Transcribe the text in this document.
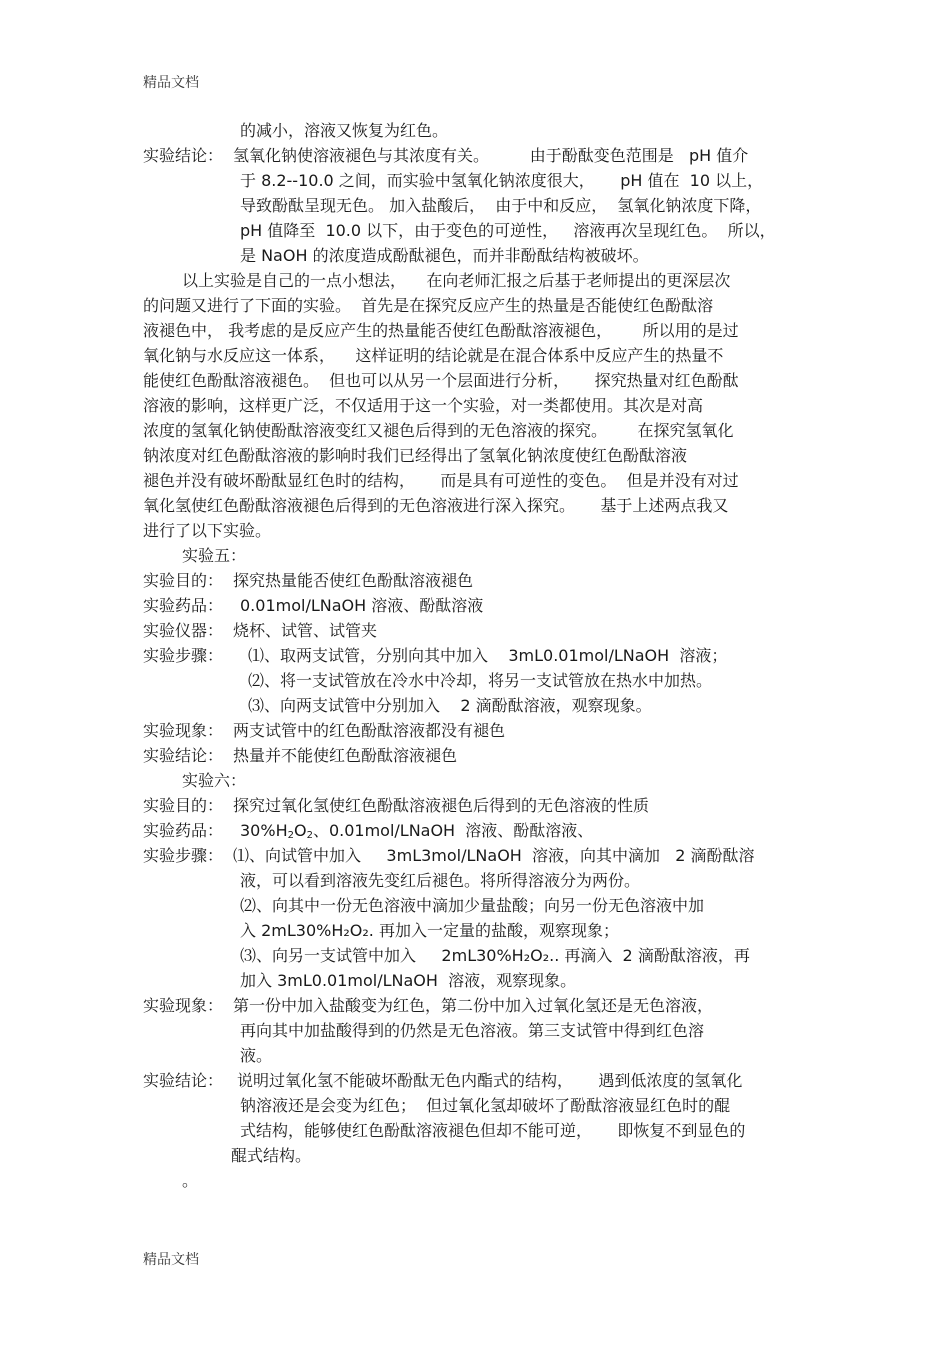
精品文档
的减小，溶液又恢复为红色。
实验结论： 氢氧化钠使溶液褪色与其浓度有关。        由于酚酞变色范围是   pH 值介
于 8.2--10.0 之间，而实验中氢氧化钠浓度很大，     pH 值在  10 以上，
导致酚酞呈现无色。 加入盐酸后，  由于中和反应，  氢氧化钠浓度下降，
pH 值降至  10.0 以下，由于变色的可逆性，   溶液再次呈现红色。  所以，
是 NaOH 的浓度造成酚酞褪色，而并非酚酞结构被破坏。
以上实验是自己的一点小想法，    在向老师汇报之后基于老师提出的更深层次
的问题又进行了下面的实验。  首先是在探究反应产生的热量是否能使红色酚酞溶
液褪色中， 我考虑的是反应产生的热量能否使红色酚酞溶液褪色，      所以用的是过
氧化钠与水反应这一体系，    这样证明的结论就是在混合体系中反应产生的热量不
能使红色酚酞溶液褪色。  但也可以从另一个层面进行分析，     探究热量对红色酚酞
溶液的影响，这样更广泛，不仅适用于这一个实验，对一类都使用。其次是对高
浓度的氢氧化钠使酚酞溶液变红又褪色后得到的无色溶液的探究。      在探究氢氧化
钠浓度对红色酚酞溶液的影响时我们已经得出了氢氧化钠浓度使红色酚酞溶液
褪色并没有破坏酚酞显红色时的结构，     而是具有可逆性的变色。  但是并没有对过
氧化氢使红色酚酞溶液褪色后得到的无色溶液进行深入探究。     基于上述两点我又
进行了以下实验。
实验五：
实验目的： 探究热量能否使红色酚酞溶液褪色
实验药品： 0.01mol/LNaOH 溶液、酚酞溶液
实验仪器： 烧杯、试管、试管夹
实验步骤： ⑴、取两支试管，分别向其中加入    3mL0.01mol/LNaOH  溶液；
⑵、将一支试管放在冷水中冷却，将另一支试管放在热水中加热。
⑶、向两支试管中分别加入    2 滴酚酞溶液，观察现象。
实验现象： 两支试管中的红色酚酞溶液都没有褪色
实验结论： 热量并不能使红色酚酞溶液褪色
实验六：
实验目的： 探究过氧化氢使红色酚酞溶液褪色后得到的无色溶液的性质
实验药品： $30\%H_2O_2$、0.01mol/LNaOH  溶液、酚酞溶液、
实验步骤： ⑴、向试管中加入     3mL3mol/LNaOH  溶液，向其中滴加   2 滴酚酞溶
液，可以看到溶液先变红后褪色。将所得溶液分为两份。
⑵、向其中一份无色溶液中滴加少量盐酸；向另一份无色溶液中加
入 2mL30%H₂O₂. 再加入一定量的盐酸，观察现象；
⑶、向另一支试管中加入     2mL30%H₂O₂.. 再滴入  2 滴酚酞溶液，再
加入 3mL0.01mol/LNaOH  溶液，观察现象。
实验现象： 第一份中加入盐酸变为红色，第二份中加入过氧化氢还是无色溶液，
再向其中加盐酸得到的仍然是无色溶液。第三支试管中得到红色溶
液。
实验结论： 说明过氧化氢不能破坏酚酞无色内酯式的结构，     遇到低浓度的氢氧化
钠溶液还是会变为红色；  但过氧化氢却破坏了酚酞溶液显红色时的醌
式结构，能够使红色酚酞溶液褪色但却不能可逆，     即恢复不到显色的
醌式结构。
。
精品文档
